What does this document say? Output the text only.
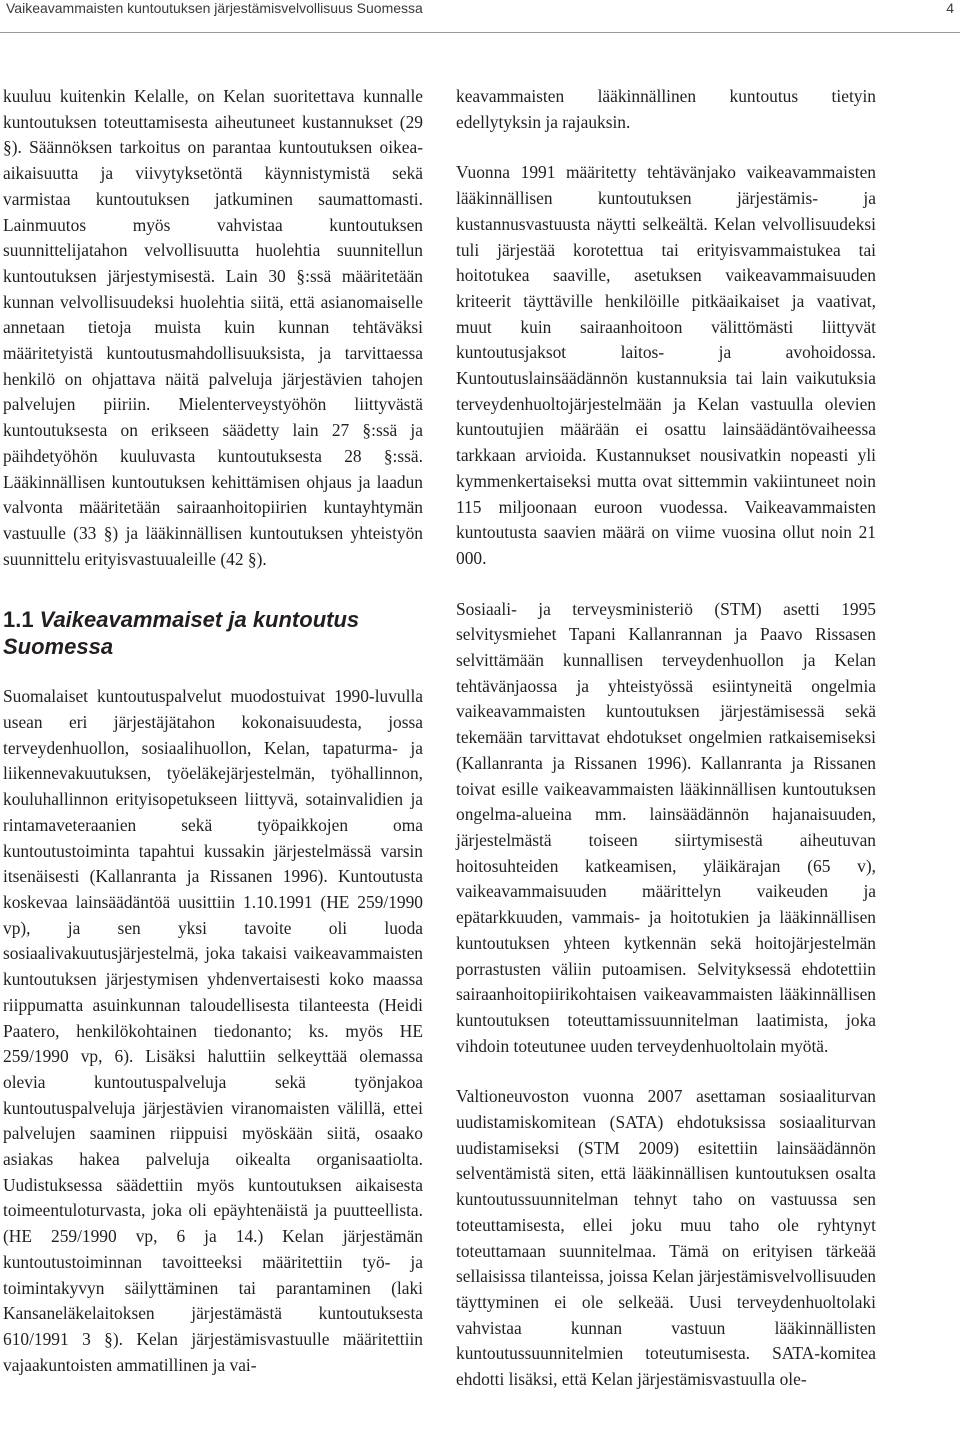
Vaikeavammaisten kuntoutuksen järjestämisvelvollisuus Suomessa	4

kuuluu kuitenkin Kelalle, on Kelan suoritettava kunnalle kuntoutuksen toteuttamisesta aiheutuneet kustannukset (29 §). Säännöksen tarkoitus on parantaa kuntoutuksen oikea-aikaisuutta ja viivytyksetöntä käynnistymistä sekä varmistaa kuntoutuksen jatkuminen saumattomasti. Lainmuutos myös vahvistaa kuntoutuksen suunnittelijatahon velvollisuutta huolehtia suunnitellun kuntoutuksen järjestymisestä. Lain 30 §:ssä määritetään kunnan velvollisuudeksi huolehtia siitä, että asianomaiselle annetaan tietoja muista kuin kunnan tehtäväksi määritetyistä kuntoutusmahdollisuuksista, ja tarvittaessa henkilö on ohjattava näitä palveluja järjestävien tahojen palvelujen piiriin. Mielenterveystyöhön liittyvästä kuntoutuksesta on erikseen säädetty lain 27 §:ssä ja päihdetyöhön kuuluvasta kuntoutuksesta 28 §:ssä. Lääkinnällisen kuntoutuksen kehittämisen ohjaus ja laadun valvonta määritetään sairaanhoitopiirien kuntayhtymän vastuulle (33 §) ja lääkinnällisen kuntoutuksen yhteistyön suunnittelu erityisvastuualeille (42 §).

1.1 Vaikeavammaiset ja kuntoutus Suomessa

Suomalaiset kuntoutuspalvelut muodostuivat 1990-luvulla usean eri järjestäjätahon kokonaisuudesta, jossa terveydenhuollon, sosiaalihuollon, Kelan, tapaturma- ja liikennevakuutuksen, työeläkejärjestelmän, työhallinnon, kouluhallinnon erityisopetukseen liittyvä, sotainvalidien ja rintamaveteraanien sekä työpaikkojen oma kuntoutustoiminta tapahtui kussakin järjestelmässä varsin itsenäisesti (Kallanranta ja Rissanen 1996). Kuntoutusta koskevaa lainsäädäntöä uusittiin 1.10.1991 (HE 259/1990 vp), ja sen yksi tavoite oli luoda sosiaalivakuutusjärjestelmä, joka takaisi vaikeavammaisten kuntoutuksen järjestymisen yhdenvertaisesti koko maassa riippumatta asuinkunnan taloudellisesta tilanteesta (Heidi Paatero, henkilökohtainen tiedonanto; ks. myös HE 259/1990 vp, 6). Lisäksi haluttiin selkeyttää olemassa olevia kuntoutuspalveluja sekä työnjakoa kuntoutuspalveluja järjestävien viranomaisten välillä, ettei palvelujen saaminen riippuisi myöskään siitä, osaako asiakas hakea palveluja oikealta organisaatiolta. Uudistuksessa säädettiin myös kuntoutuksen aikaisesta toimeentuloturvasta, joka oli epäyhtenäistä ja puutteellista. (HE 259/1990 vp, 6 ja 14.) Kelan järjestämän kuntoutustoiminnan tavoitteeksi määritettiin työ- ja toimintakyvyn säilyttäminen tai parantaminen (laki Kansaneläkelaitoksen järjestämästä kuntoutuksesta 610/1991 3 §). Kelan järjestämisvastuulle määritettiin vajaakuntoisten ammatillinen ja vai-

keavammaisten lääkinnällinen kuntoutus tietyin edellytyksin ja rajauksin.

Vuonna 1991 määritetty tehtävänjako vaikeavammaisten lääkinnällisen kuntoutuksen järjestämis- ja kustannusvastuusta näytti selkeältä. Kelan velvollisuudeksi tuli järjestää korotettua tai erityisvammaistukea tai hoitotukea saaville, asetuksen vaikeavammaisuuden kriteerit täyttäville henkilöille pitkäaikaiset ja vaativat, muut kuin sairaanhoitoon välittömästi liittyvät kuntoutusjaksot laitos- ja avohoidossa. Kuntoutuslainsäädännön kustannuksia tai lain vaikutuksia terveydenhuoltojärjestelmään ja Kelan vastuulla olevien kuntoutujien määrään ei osattu lainsäädäntövaiheessa tarkkaan arvioida. Kustannukset nousivatkin nopeasti yli kymmenkertaiseksi mutta ovat sittemmin vakiintuneet noin 115 miljoonaan euroon vuodessa. Vaikeavammaisten kuntoutusta saavien määrä on viime vuosina ollut noin 21 000.

Sosiaali- ja terveysministeriö (STM) asetti 1995 selvitysmiehet Tapani Kallanrannan ja Paavo Rissasen selvittämään kunnallisen terveydenhuollon ja Kelan tehtävänjaossa ja yhteistyössä esiintyneitä ongelmia vaikeavammaisten kuntoutuksen järjestämisessä sekä tekemään tarvittavat ehdotukset ongelmien ratkaisemiseksi (Kallanranta ja Rissanen 1996). Kallanranta ja Rissanen toivat esille vaikeavammaisten lääkinnällisen kuntoutuksen ongelma-alueina mm. lainsäädännön hajanaisuuden, järjestelmästä toiseen siirtymisestä aiheutuvan hoitosuhteiden katkeamisen, yläikärajan (65 v), vaikeavammaisuuden määrittelyn vaikeuden ja epätarkkuuden, vammais- ja hoitotukien ja lääkinnällisen kuntoutuksen yhteen kytkennän sekä hoitojärjestelmän porrastusten väliin putoamisen. Selvityksessä ehdotettiin sairaanhoitopiirikohtaisen vaikeavammaisten lääkinnällisen kuntoutuksen toteuttamissuunnitelman laatimista, joka vihdoin toteutunee uuden terveydenhuoltolain myötä.

Valtioneuvoston vuonna 2007 asettaman sosiaaliturvan uudistamiskomitean (SATA) ehdotuksissa sosiaaliturvan uudistamiseksi (STM 2009) esitettiin lainsäädännön selventämistä siten, että lääkinnällisen kuntoutuksen osalta kuntoutussuunnitelman tehnyt taho on vastuussa sen toteuttamisesta, ellei joku muu taho ole ryhtynyt toteuttamaan suunnitelmaa. Tämä on erityisen tärkeää sellaisissa tilanteissa, joissa Kelan järjestämisvelvollisuuden täyttyminen ei ole selkeää. Uusi terveydenhuoltolaki vahvistaa kunnan vastuun lääkinnällisten kuntoutussuunnitelmien toteutumisesta. SATA-komitea ehdotti lisäksi, että Kelan järjestämisvastuulla ole-
